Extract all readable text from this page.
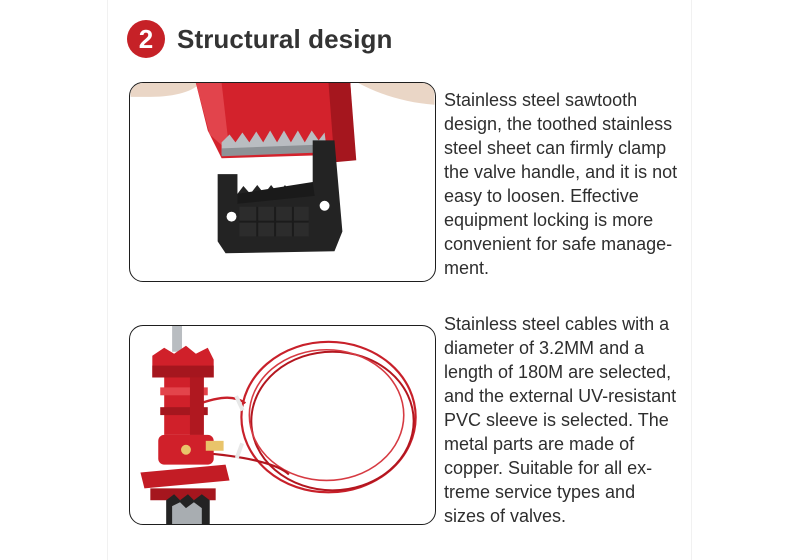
2 Structural design
Stainless steel sawtooth
design, the toothed stainless
steel sheet can firmly clamp
the valve handle, and it is not
easy to loosen. Effective
equipment locking is more
convenient for safe manage-
ment.
Stainless steel cables with a
diameter of 3.2MM and a
length of 180M are selected,
and the external UV-resistant
PVC sleeve is selected. The
metal parts are made of
copper. Suitable for all ex-
treme service types and
sizes of valves.
